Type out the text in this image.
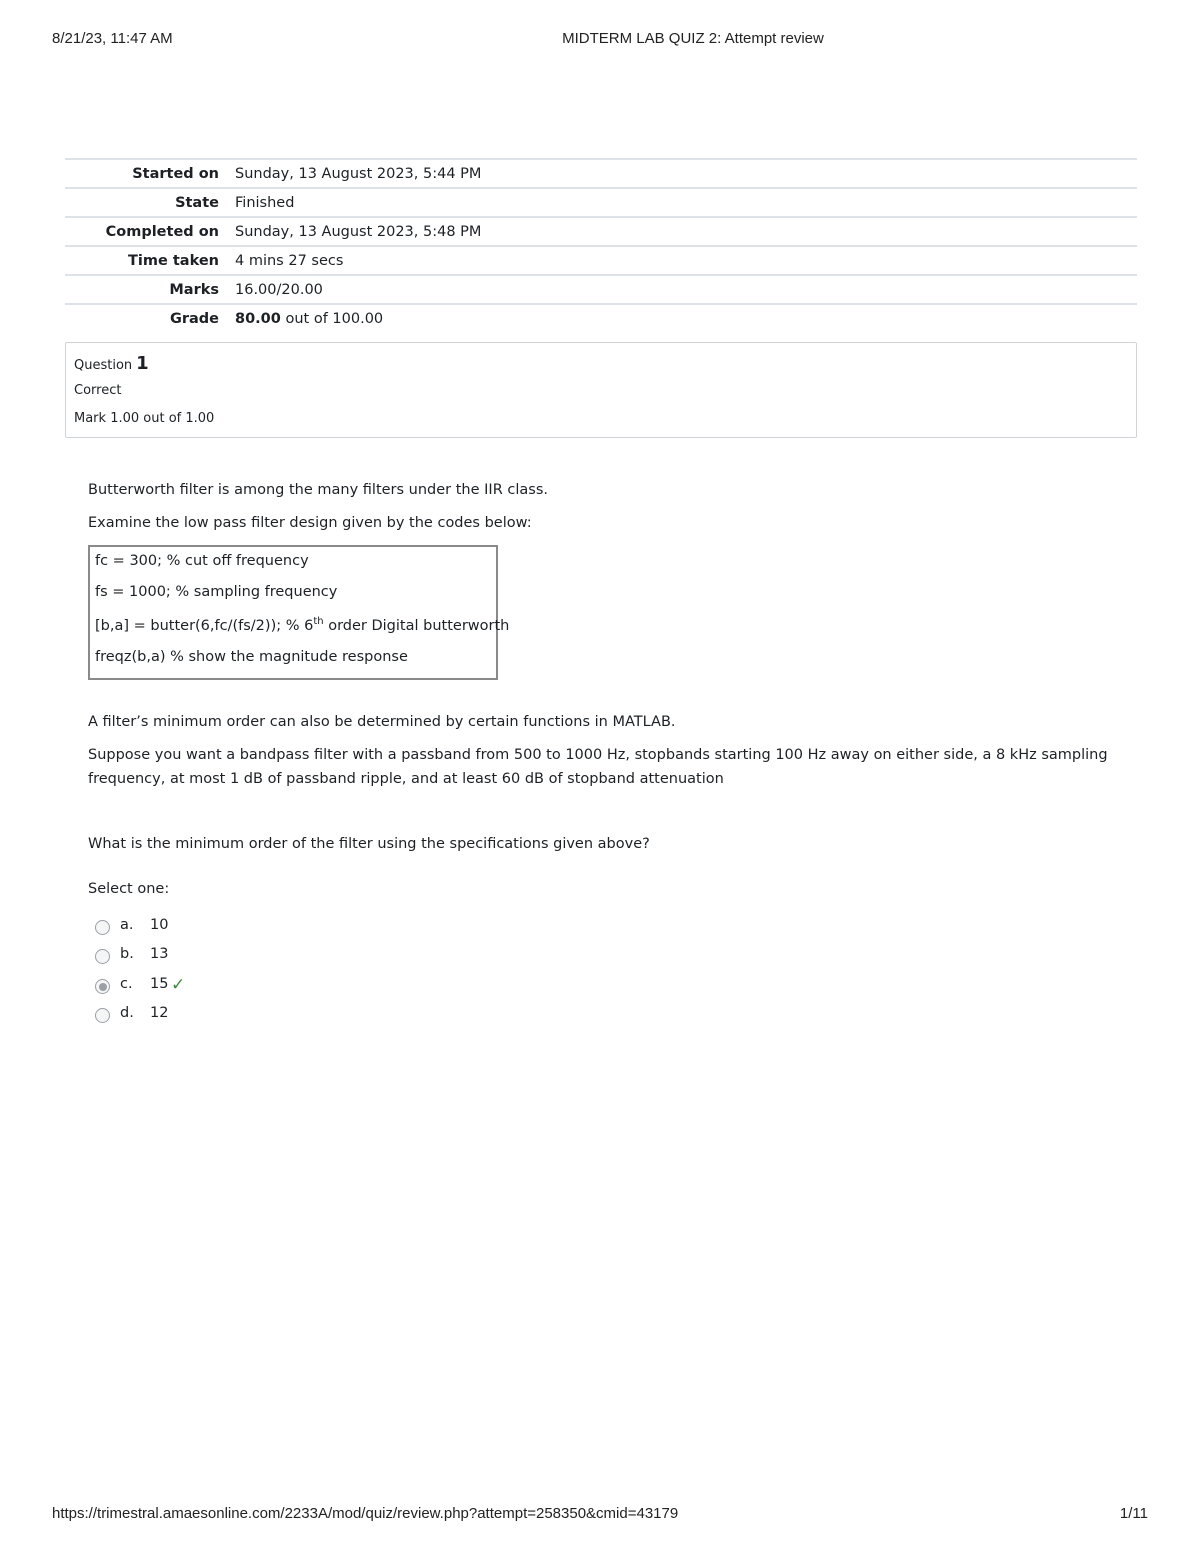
8/21/23, 11:47 AM	MIDTERM LAB QUIZ 2: Attempt review
Started on	Sunday, 13 August 2023, 5:44 PM
State	Finished
Completed on	Sunday, 13 August 2023, 5:48 PM
Time taken	4 mins 27 secs
Marks	16.00/20.00
Grade	80.00 out of 100.00
Question 1
Correct
Mark 1.00 out of 1.00
Butterworth filter is among the many filters under the IIR class.
Examine the low pass filter design given by the codes below:
fc = 300; % cut off frequency
fs = 1000; % sampling frequency
[b,a] = butter(6,fc/(fs/2)); % 6th order Digital butterworth
freqz(b,a) % show the magnitude response
A filter’s minimum order can also be determined by certain functions in MATLAB.
Suppose you want a bandpass filter with a passband from 500 to 1000 Hz, stopbands starting 100 Hz away on either side, a 8 kHz sampling
frequency, at most 1 dB of passband ripple, and at least 60 dB of stopband attenuation
What is the minimum order of the filter using the specifications given above?
Select one:
a. 10
b. 13
c. 15 ✓
d. 12
https://trimestral.amaesonline.com/2233A/mod/quiz/review.php?attempt=258350&cmid=43179	1/11
